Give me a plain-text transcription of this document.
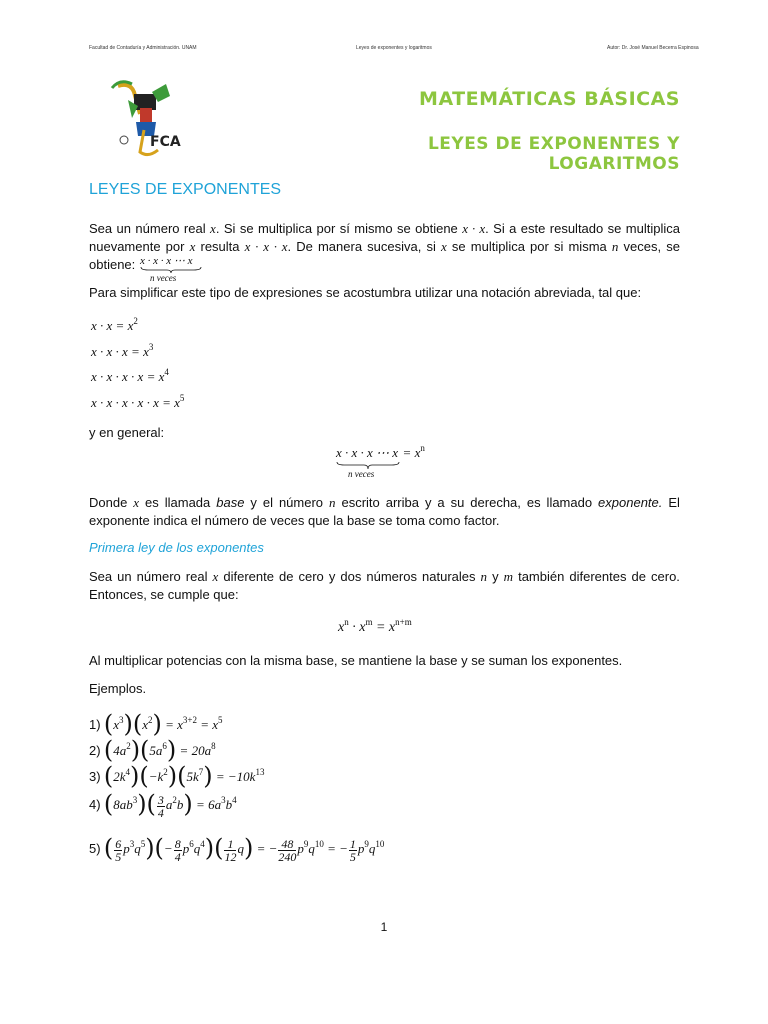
Facultad de Contaduría y Administración. UNAM	Leyes de exponentes y logaritmos	Autor: Dr. José Manuel Becerra Espinosa
FCA
MATEMÁTICAS BÁSICAS
LEYES DE EXPONENTES Y LOGARITMOS
LEYES DE EXPONENTES
Sea un número real x. Si se multiplica por sí mismo se obtiene x · x. Si a este resultado se multiplica nuevamente por x resulta x · x · x. De manera sucesiva, si x se multiplica por si misma n veces, se obtiene: x · x · x ⋯ x
n veces
Para simplificar este tipo de expresiones se acostumbra utilizar una notación abreviada, tal que:
$x \cdot x = x^2$
$x \cdot x \cdot x = x^3$
$x \cdot x \cdot x \cdot x = x^4$
$x \cdot x \cdot x \cdot x \cdot x = x^5$
y en general:
x · x · x ⋯ $x = x^n$
n veces
Donde x es llamada base y el número n escrito arriba y a su derecha, es llamado exponente. El exponente indica el número de veces que la base se toma como factor.
Primera ley de los exponentes
Sea un número real x diferente de cero y dos números naturales n y m también diferentes de cero. Entonces, se cumple que:
$x^n \cdot x^m = x^{n+m}$
Al multiplicar potencias con la misma base, se mantiene la base y se suman los exponentes.
Ejemplos.
1) $(x^3)(x^2) = x^{3+2} = x^5$
2) $(4a^2)(5a^6) = 20a^8$
3) $(2k^4)(-k^2)(5k^7) = -10k^{13}$
4) $(8ab^3)( \frac{3}{4} a^2b) = 6a^3b^4$
5) ( $\frac{6}{5} p^3q^5)(- \frac{8}{4} p^6q^4)( \frac{1}{12} q)$ = − $\frac{48}{240} p^9q^{10}$ = − $\frac{1}{5} p^9q^{10}$
1
